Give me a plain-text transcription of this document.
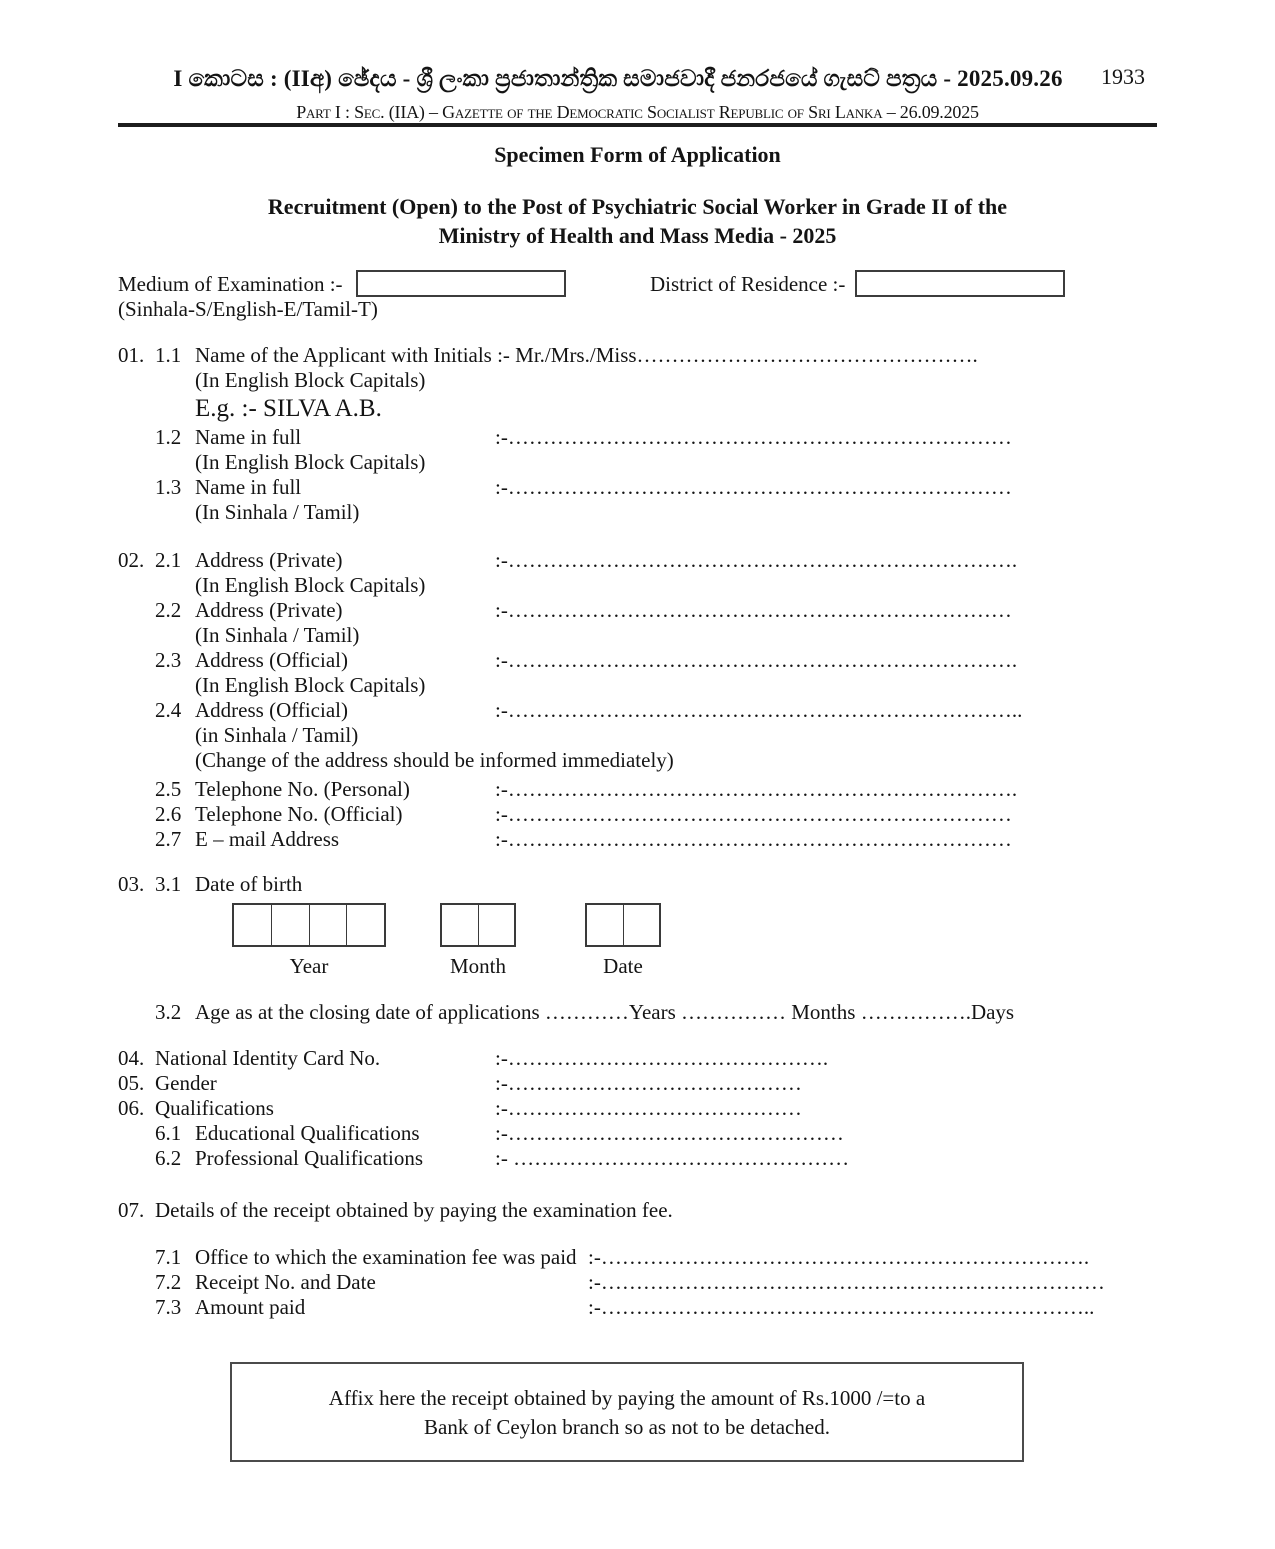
I කොටස : (IIඅ) ඡේදය - ශ්‍රී ලංකා ප්‍රජාතාන්ත්‍රික සමාජවාදී ජනරජයේ ගැසට් පත්‍රය - 2025.09.26	1933
Part I : Sec. (IIA) – Gazette of the Democratic Socialist Republic of Sri Lanka – 26.09.2025
Specimen Form of Application
Recruitment (Open) to the Post of Psychiatric Social Worker in Grade II of the
Ministry of Health and Mass Media - 2025
Medium of Examination :-	District of Residence :-
(Sinhala-S/English-E/Tamil-T)
01. 1.1 Name of the Applicant with Initials :- Mr./Mrs./Miss………………………………………….
(In English Block Capitals)
E.g. :- SILVA A.B.
1.2 Name in full	:-………………………………………………………………
(In English Block Capitals)
1.3 Name in full	:-………………………………………………………………
(In Sinhala / Tamil)
02. 2.1 Address (Private)	:-……………………………………………………………….
(In English Block Capitals)
2.2 Address (Private)	:-………………………………………………………………
(In Sinhala / Tamil)
2.3 Address (Official)	:-……………………………………………………………….
(In English Block Capitals)
2.4 Address (Official)	:-………………………………………………………………..
(in Sinhala / Tamil)
(Change of the address should be informed immediately)
2.5 Telephone No. (Personal)	:-……………………………………………………………….
2.6 Telephone No. (Official)	:-………………………………………………………………
2.7 E – mail Address	:-………………………………………………………………
03. 3.1 Date of birth
Year	Month	Date
3.2 Age as at the closing date of applications …………Years …………… Months …………….Days
04. National Identity Card No.	:-……………………………………….
05. Gender	:-……………………………………
06. Qualifications	:-……………………………………
6.1 Educational Qualifications	:-…………………………………………
6.2 Professional Qualifications	:- …………………………………………
07. Details of the receipt obtained by paying the examination fee.
7.1 Office to which the examination fee was paid :-…………………………………………………………….
7.2 Receipt No. and Date	:-………………………………………………………………
7.3 Amount paid	:-……………………………………………………………..
Affix here the receipt obtained by paying the amount of Rs.1000 /=to a
Bank of Ceylon branch so as not to be detached.
